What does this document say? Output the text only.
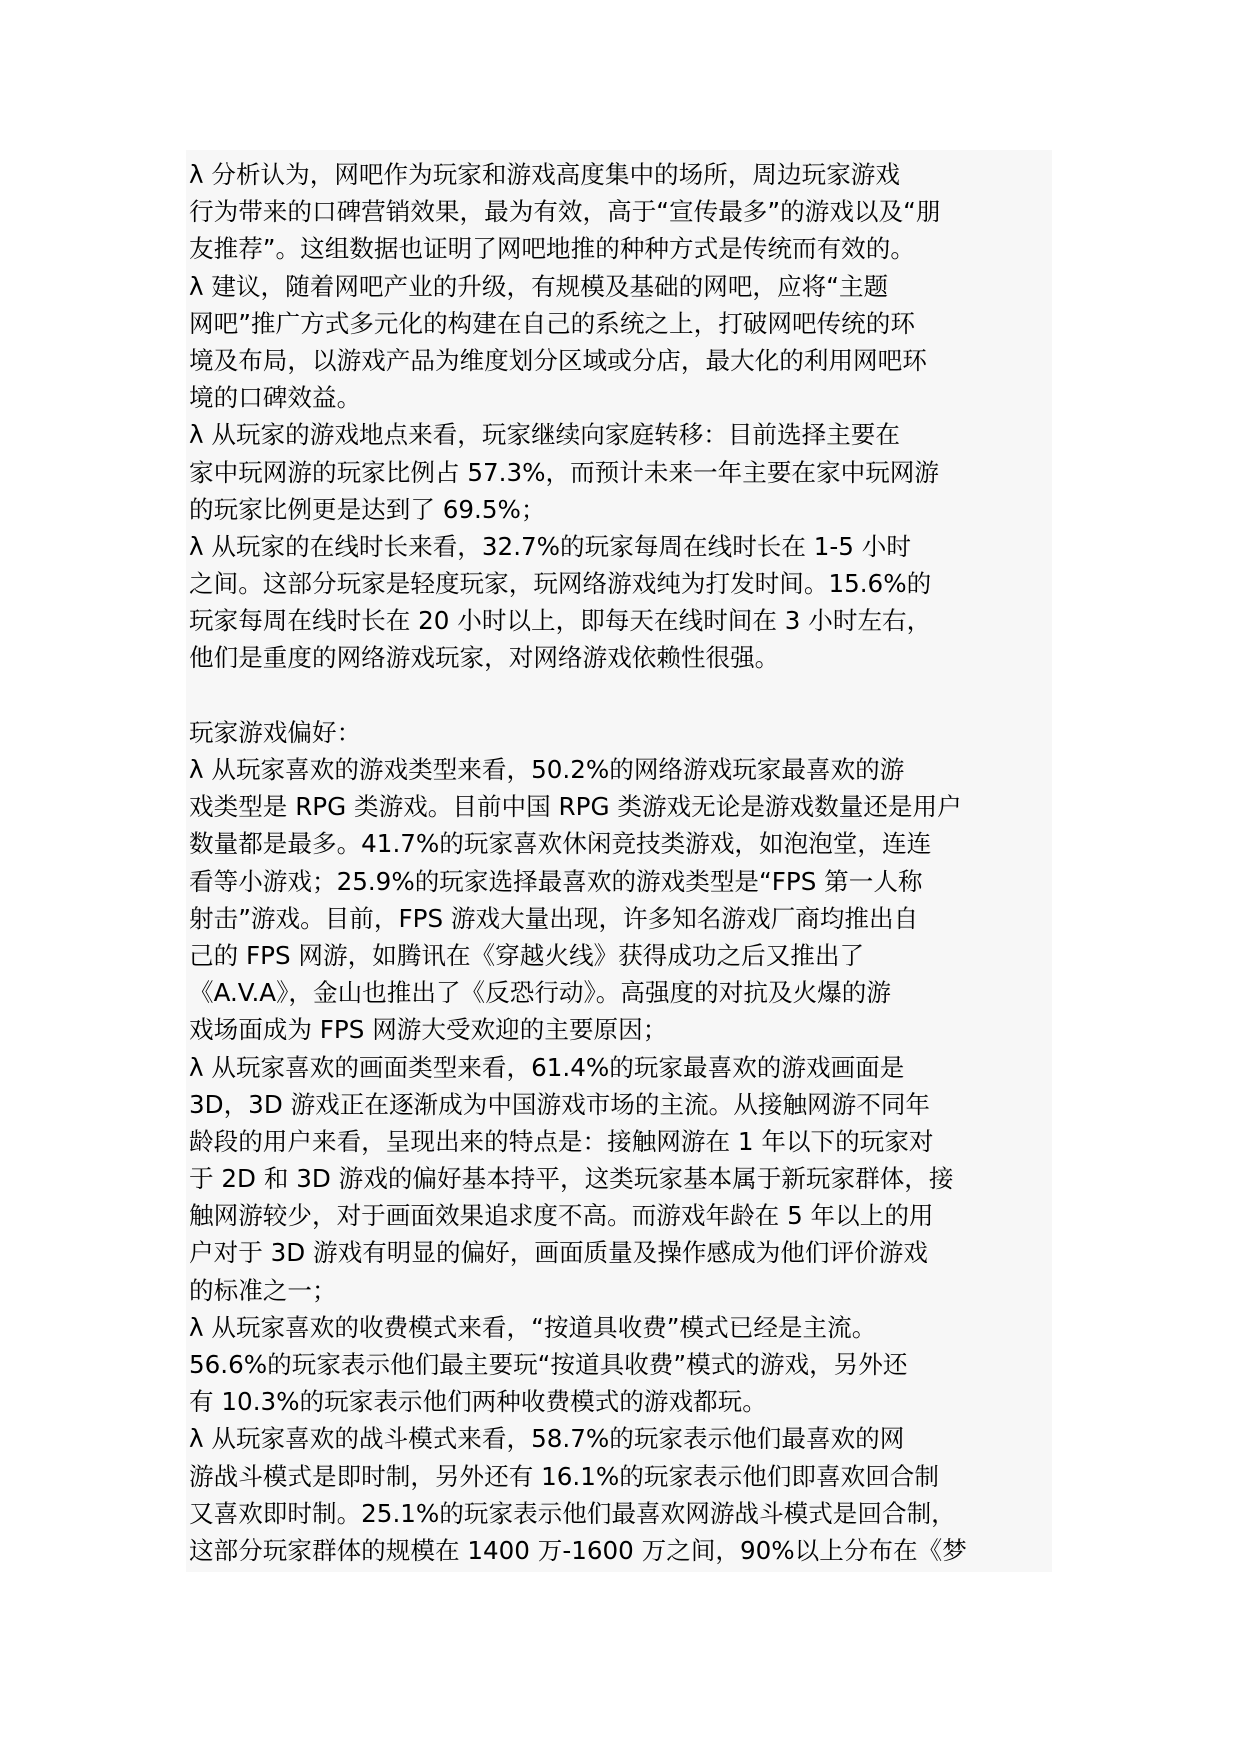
λ 分析认为，网吧作为玩家和游戏高度集中的场所，周边玩家游戏
行为带来的口碑营销效果，最为有效，高于“宣传最多”的游戏以及“朋
友推荐”。这组数据也证明了网吧地推的种种方式是传统而有效的。
λ 建议，随着网吧产业的升级，有规模及基础的网吧，应将“主题
网吧”推广方式多元化的构建在自己的系统之上，打破网吧传统的环
境及布局，以游戏产品为维度划分区域或分店，最大化的利用网吧环
境的口碑效益。
λ 从玩家的游戏地点来看，玩家继续向家庭转移：目前选择主要在
家中玩网游的玩家比例占 57.3%，而预计未来一年主要在家中玩网游
的玩家比例更是达到了 69.5%；
λ 从玩家的在线时长来看，32.7%的玩家每周在线时长在 1-5 小时
之间。这部分玩家是轻度玩家，玩网络游戏纯为打发时间。15.6%的
玩家每周在线时长在 20 小时以上，即每天在线时间在 3 小时左右，
他们是重度的网络游戏玩家，对网络游戏依赖性很强。
玩家游戏偏好：
λ 从玩家喜欢的游戏类型来看，50.2%的网络游戏玩家最喜欢的游
戏类型是 RPG 类游戏。目前中国 RPG 类游戏无论是游戏数量还是用户
数量都是最多。41.7%的玩家喜欢休闲竞技类游戏，如泡泡堂，连连
看等小游戏；25.9%的玩家选择最喜欢的游戏类型是“FPS 第一人称
射击”游戏。目前，FPS 游戏大量出现，许多知名游戏厂商均推出自
己的 FPS 网游，如腾讯在《穿越火线》获得成功之后又推出了
《A.V.A》，金山也推出了《反恐行动》。高强度的对抗及火爆的游
戏场面成为 FPS 网游大受欢迎的主要原因；
λ 从玩家喜欢的画面类型来看，61.4%的玩家最喜欢的游戏画面是
3D，3D 游戏正在逐渐成为中国游戏市场的主流。从接触网游不同年
龄段的用户来看，呈现出来的特点是：接触网游在 1 年以下的玩家对
于 2D 和 3D 游戏的偏好基本持平，这类玩家基本属于新玩家群体，接
触网游较少，对于画面效果追求度不高。而游戏年龄在 5 年以上的用
户对于 3D 游戏有明显的偏好，画面质量及操作感成为他们评价游戏
的标准之一；
λ 从玩家喜欢的收费模式来看，“按道具收费”模式已经是主流。
56.6%的玩家表示他们最主要玩“按道具收费”模式的游戏，另外还
有 10.3%的玩家表示他们两种收费模式的游戏都玩。
λ 从玩家喜欢的战斗模式来看，58.7%的玩家表示他们最喜欢的网
游战斗模式是即时制，另外还有 16.1%的玩家表示他们即喜欢回合制
又喜欢即时制。25.1%的玩家表示他们最喜欢网游战斗模式是回合制，
这部分玩家群体的规模在 1400 万-1600 万之间，90%以上分布在《梦
